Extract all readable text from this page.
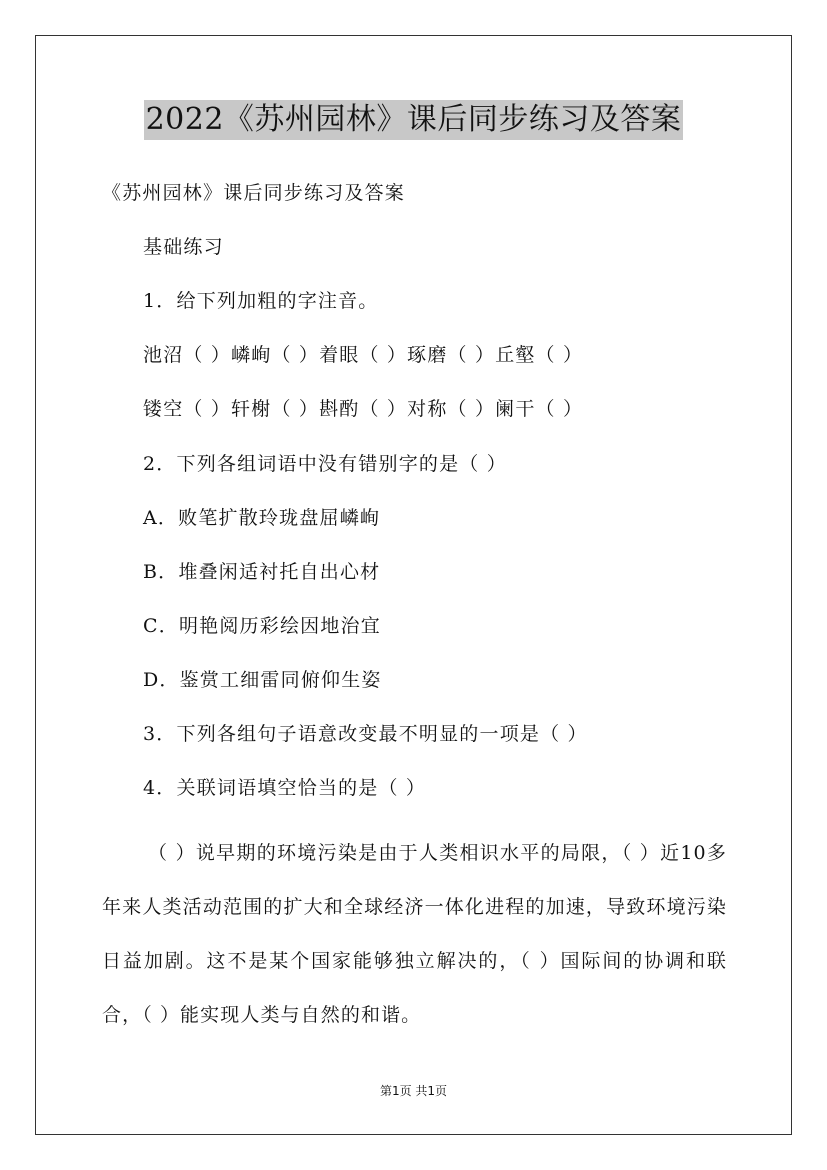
2022《苏州园林》课后同步练习及答案
《苏州园林》课后同步练习及答案
基础练习
1．给下列加粗的字注音。
池沼（ ）嶙峋（ ）着眼（ ）琢磨（ ）丘壑（ ）
镂空（ ）轩榭（ ）斟酌（ ）对称（ ）阑干（ ）
2．下列各组词语中没有错别字的是（ ）
A．败笔扩散玲珑盘屈嶙峋
B．堆叠闲适衬托自出心材
C．明艳阅历彩绘因地治宜
D．鉴赏工细雷同俯仰生姿
3．下列各组句子语意改变最不明显的一项是（ ）
4．关联词语填空恰当的是（ ）
（ ）说早期的环境污染是由于人类相识水平的局限，（ ）近10多年来人类活动范围的扩大和全球经济一体化进程的加速，导致环境污染日益加剧。这不是某个国家能够独立解决的，（ ）国际间的协调和联合，（ ）能实现人类与自然的和谐。
第1页 共1页
